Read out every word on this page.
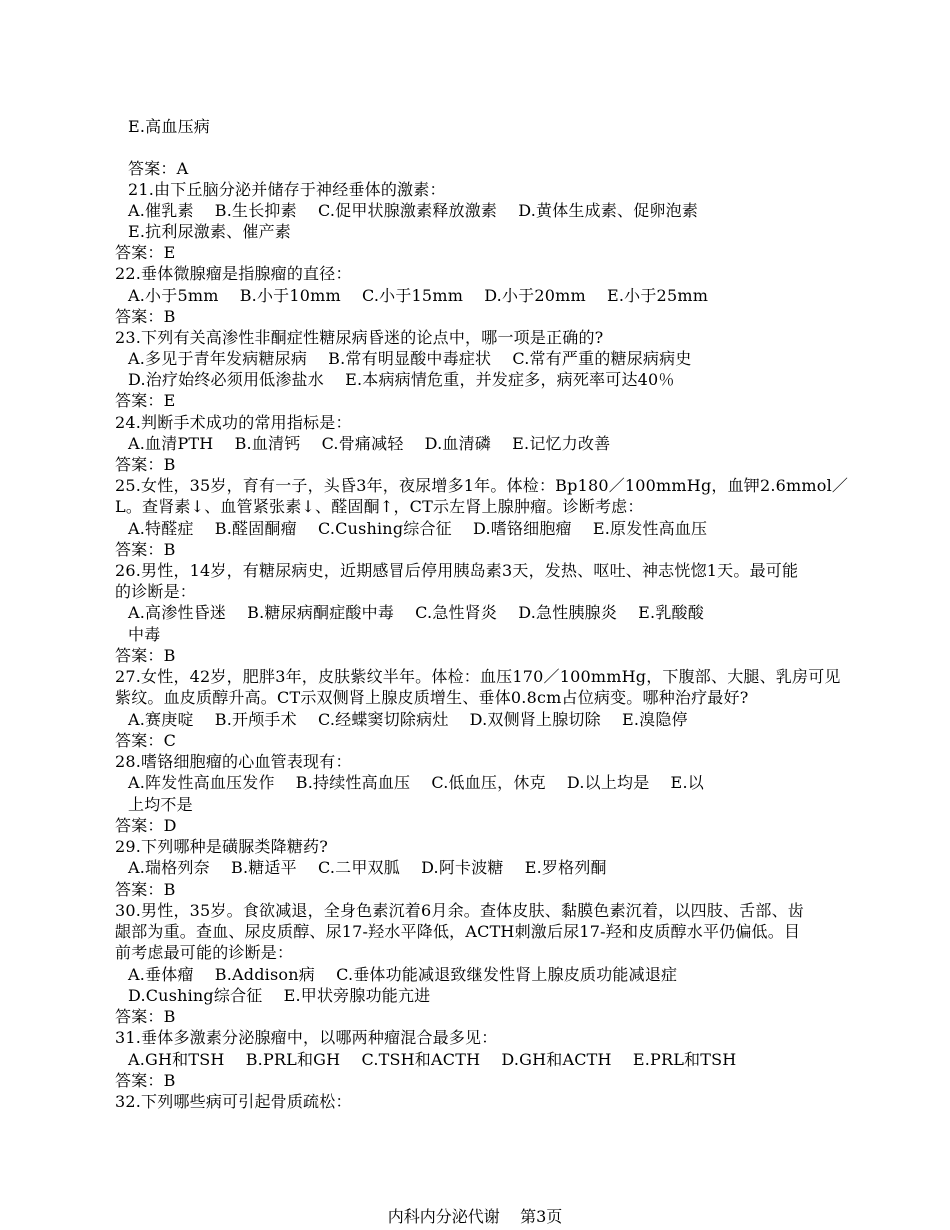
E.高血压病
答案：A
21.由下丘脑分泌并储存于神经垂体的激素：
A.催乳素    B.生长抑素    C.促甲状腺激素释放激素    D.黄体生成素、促卵泡素
E.抗利尿激素、催产素
答案：E
22.垂体微腺瘤是指腺瘤的直径：
A.小于5mm    B.小于10mm    C.小于15mm    D.小于20mm    E.小于25mm
答案：B
23.下列有关高渗性非酮症性糖尿病昏迷的论点中，哪一项是正确的?
A.多见于青年发病糖尿病    B.常有明显酸中毒症状    C.常有严重的糖尿病病史
D.治疗始终必须用低渗盐水    E.本病病情危重，并发症多，病死率可达40％
答案：E
24.判断手术成功的常用指标是：
A.血清PTH    B.血清钙    C.骨痛减轻    D.血清磷    E.记忆力改善
答案：B
25.女性，35岁，育有一子，头昏3年，夜尿增多1年。体检：Bp180／100mmHg，血钾2.6mmol／
L。查肾素↓、血管紧张素↓、醛固酮↑，CT示左肾上腺肿瘤。诊断考虑：
A.特醛症    B.醛固酮瘤    C.Cushing综合征    D.嗜铬细胞瘤    E.原发性高血压
答案：B
26.男性，14岁，有糖尿病史，近期感冒后停用胰岛素3天，发热、呕吐、神志恍惚1天。最可能
的诊断是：
A.高渗性昏迷    B.糖尿病酮症酸中毒    C.急性肾炎    D.急性胰腺炎    E.乳酸酸
中毒
答案：B
27.女性，42岁，肥胖3年，皮肤紫纹半年。体检：血压170／100mmHg，下腹部、大腿、乳房可见
紫纹。血皮质醇升高。CT示双侧肾上腺皮质增生、垂体0.8cm占位病变。哪种治疗最好?
A.赛庚啶    B.开颅手术    C.经蝶窦切除病灶    D.双侧肾上腺切除    E.溴隐停
答案：C
28.嗜铬细胞瘤的心血管表现有：
A.阵发性高血压发作    B.持续性高血压    C.低血压，休克    D.以上均是    E.以
上均不是
答案：D
29.下列哪种是磺脲类降糖药?
A.瑞格列奈    B.糖适平    C.二甲双胍    D.阿卡波糖    E.罗格列酮
答案：B
30.男性，35岁。食欲减退，全身色素沉着6月余。查体皮肤、黏膜色素沉着，以四肢、舌部、齿
龈部为重。查血、尿皮质醇、尿17-羟水平降低，ACTH刺激后尿17-羟和皮质醇水平仍偏低。目
前考虑最可能的诊断是：
A.垂体瘤    B.Addison病    C.垂体功能减退致继发性肾上腺皮质功能减退症
D.Cushing综合征    E.甲状旁腺功能亢进
答案：B
31.垂体多激素分泌腺瘤中，以哪两种瘤混合最多见：
A.GH和TSH    B.PRL和GH    C.TSH和ACTH    D.GH和ACTH    E.PRL和TSH
答案：B
32.下列哪些病可引起骨质疏松：
内科内分泌代谢    第3页
